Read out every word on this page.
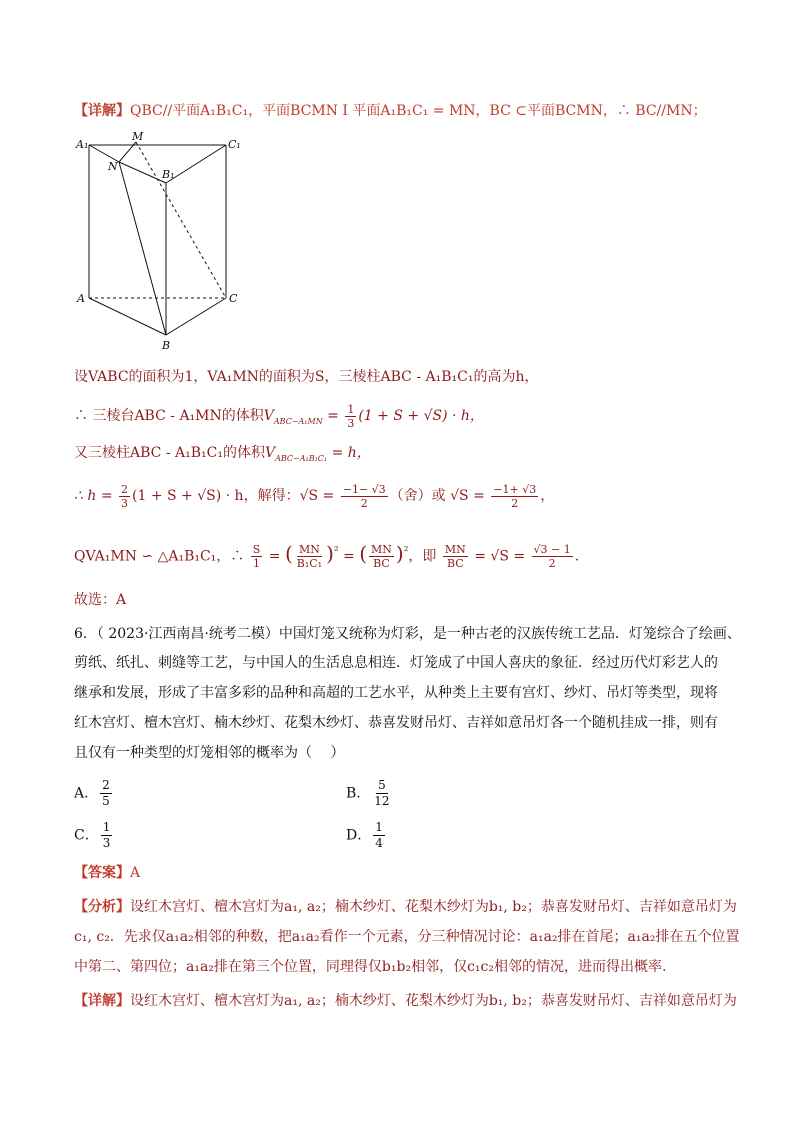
【详解】QBC//平面A₁B₁C₁，平面BCMN I 平面A₁B₁C₁ = MN，BC ⊂平面BCMN，∴ BC//MN；
A₁
M
C₁
N
B₁
A	C
B
设VABC的面积为1，VA₁MN的面积为S，三棱柱ABC - A₁B₁C₁的高为h，
∴ 三棱台ABC - A₁MN的体积$V_{ABC-A_1MN} = \frac{1}{3} (1 + S + √S) \cdot h$，
又三棱柱ABC - A₁B₁C₁的体积$V_{ABC-A_1B_1C_1} = h$，
∴ $h = \frac{2}{3} (1 + S + √S) \cdot h$，解得：$√S = \frac{-1- √3}{2}$ （舍）或 $√S = \frac{-1+ √3}{2}$ ，
QVA₁MN ∽ △A₁B₁C₁，∴ $\frac{S}{1}$ = ( $\frac{MN}{\text{B₁C₁}} )^{^2}$ = ( $\frac{MN}{BC} )^{^2}$，即 $\frac{MN}{BC} = √S = \frac{√3 - 1}{2}$ .
故选：A
6．（ 2023·江西南昌·统考二模）中国灯笼又统称为灯彩，是一种古老的汉族传统工艺品．灯笼综合了绘画、
剪纸、纸扎、刺缝等工艺，与中国人的生活息息相连．灯笼成了中国人喜庆的象征．经过历代灯彩艺人的
继承和发展，形成了丰富多彩的品种和高超的工艺水平，从种类上主要有宫灯、纱灯、吊灯等类型，现将
红木宫灯、檀木宫灯、楠木纱灯、花梨木纱灯、恭喜发财吊灯、吉祥如意吊灯各一个随机挂成一排，则有
且仅有一种类型的灯笼相邻的概率为（　 ）
A． $\frac{2}{5}$	B． $\frac{5}{12}$
C． $\frac{1}{3}$	D． $\frac{1}{4}$
【答案】A
【分析】设红木宫灯、檀木宫灯为a₁, a₂；楠木纱灯、花梨木纱灯为b₁, b₂；恭喜发财吊灯、吉祥如意吊灯为
c₁, c₂．先求仅a₁a₂相邻的种数，把a₁a₂看作一个元素，分三种情况讨论：a₁a₂排在首尾；a₁a₂排在五个位置
中第二、第四位；a₁a₂排在第三个位置，同理得仅b₁b₂相邻，仅c₁c₂相邻的情况，进而得出概率.
【详解】设红木宫灯、檀木宫灯为a₁, a₂；楠木纱灯、花梨木纱灯为b₁, b₂；恭喜发财吊灯、吉祥如意吊灯为
